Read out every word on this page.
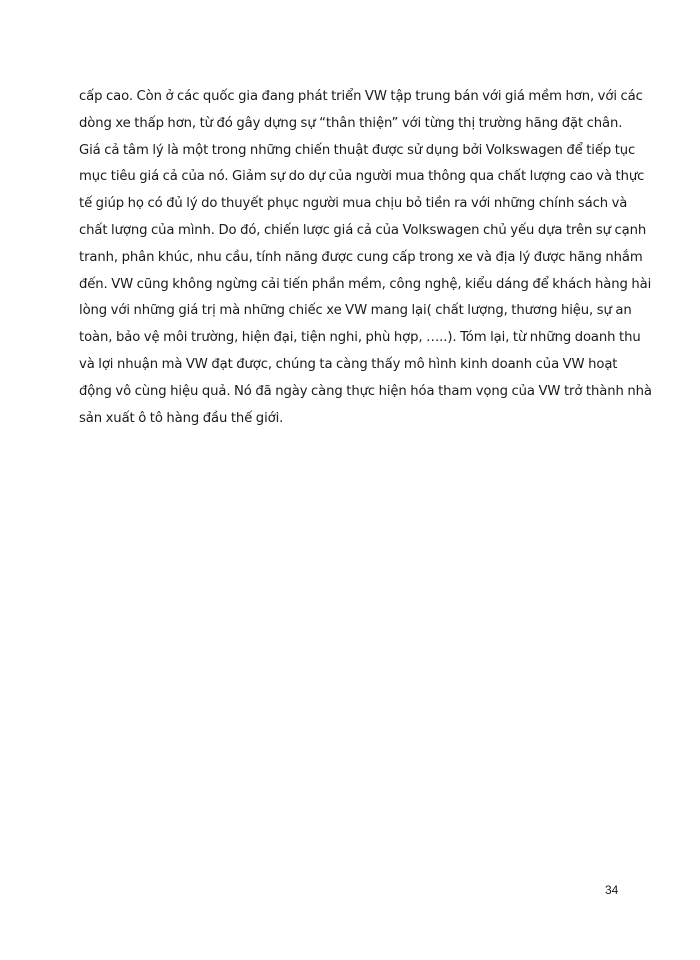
cấp cao. Còn ở các quốc gia đang phát triển VW tập trung bán với giá mềm hơn, với các
dòng xe thấp hơn, từ đó gây dựng sự “thân thiện” với từng thị trường hãng đặt chân.
Giá cả tâm lý là một trong những chiến thuật được sử dụng bởi Volkswagen để tiếp tục
mục tiêu giá cả của nó. Giảm sự do dự của người mua thông qua chất lượng cao và thực
tế giúp họ có đủ lý do thuyết phục người mua chịu bỏ tiền ra với những chính sách và
chất lượng của mình. Do đó, chiến lược giá cả của Volkswagen chủ yếu dựa trên sự cạnh
tranh, phân khúc, nhu cầu, tính năng được cung cấp trong xe và địa lý được hãng nhắm
đến. VW cũng không ngừng cải tiến phần mềm, công nghệ, kiểu dáng để khách hàng hài
lòng với những giá trị mà những chiếc xe VW mang lại( chất lượng, thương hiệu, sự an
toàn, bảo vệ môi trường, hiện đại, tiện nghi, phù hợp, …..). Tóm lại, từ những doanh thu
và lợi nhuận mà VW đạt được, chúng ta càng thấy mô hình kinh doanh của VW hoạt
động vô cùng hiệu quả. Nó đã ngày càng thực hiện hóa tham vọng của VW trở thành nhà
sản xuất ô tô hàng đầu thế giới.
34
